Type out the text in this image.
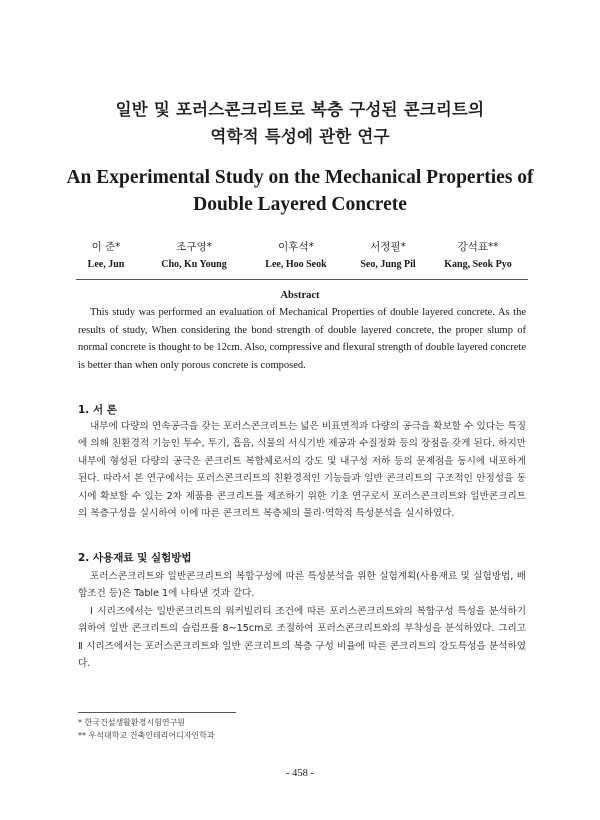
일반 및 포러스콘크리트로 복층 구성된 콘크리트의
역학적 특성에 관한 연구
An Experimental Study on the Mechanical Properties of
Double Layered Concrete
이 준*
Lee, Jun
조구영*
Cho, Ku Young
이후석*
Lee, Hoo Seok
서정필*
Seo, Jung Pil
강석표**
Kang, Seok Pyo
Abstract

This study was performed an evaluation of Mechanical Properties of double layered concrete. As the results of study, When considering the bond strength of double layered concrete, the proper slump of normal concrete is thought to be 12cm. Also, compressive and flexural strength of double layered concrete is better than when only porous concrete is composed.

1. 서 론

내부에 다량의 연속공극을 갖는 포러스콘크리트는 넓은 비표면적과 다량의 공극을 확보할 수 있다는 특징에 의해 친환경적 기능인 투수, 투기, 흡음, 식물의 서식기반 제공과 수질정화 등의 장점을 갖게 된다. 하지만 내부에 형성된 다량의 공극은 콘크리트 복합체로서의 강도 및 내구성 저하 등의 문제점을 동시에 내포하게 된다. 따라서 본 연구에서는 포러스콘크리트의 친환경적인 기능들과 일반 콘크리트의 구조적인 안정성을 동시에 확보할 수 있는 2차 제품용 콘크리트를 제조하기 위한 기초 연구로서 포러스콘크리트와 일반콘크리트의 복층구성을 실시하여 이에 따른 콘크리트 복층체의 물리·역학적 특성분석을 실시하였다.

2. 사용재료 및 실험방법

포러스콘크리트와 일반콘크리트의 복합구성에 따른 특성분석을 위한 실험계획(사용재료 및 실험방법, 배합조건 등)은 Table 1에 나타낸 것과 같다.

Ⅰ 시리즈에서는 일반콘크리트의 워커빌리티 조건에 따른 포러스콘크리트와의 복합구성 특성을 분석하기 위하여 일반 콘크리트의 슬럼프를 8~15cm로 조절하여 포러스콘크리트와의 부착성을 분석하였다. 그리고 Ⅱ 시리즈에서는 포러스콘크리트와 일반 콘크리트의 복층 구성 비율에 따른 콘크리트의 강도특성을 분석하였다.

* 한국건설생활환경시험연구원

** 우석대학교 건축인테리어디자인학과

- 458 -
